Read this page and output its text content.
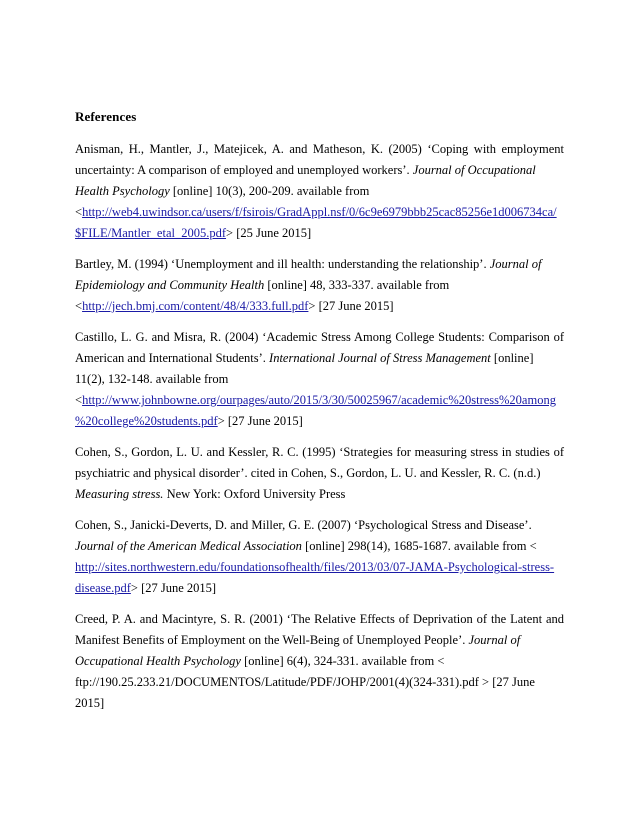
References
Anisman, H., Mantler, J., Matejicek, A. and Matheson, K. (2005) ‘Coping with employment
uncertainty: A comparison of employed and unemployed workers’. Journal of Occupational
Health Psychology [online] 10(3), 200-209. available from
<http://web4.uwindsor.ca/users/f/fsirois/GradAppl.nsf/0/6c9e6979bbb25cac85256e1d006734ca/
$FILE/Mantler_etal_2005.pdf> [25 June 2015]
Bartley, M. (1994) ‘Unemployment and ill health: understanding the relationship’. Journal of
Epidemiology and Community Health [online] 48, 333-337. available from
<http://jech.bmj.com/content/48/4/333.full.pdf> [27 June 2015]
Castillo, L. G. and Misra, R. (2004) ‘Academic Stress Among College Students: Comparison of
American and International Students’. International Journal of Stress Management [online]
11(2), 132-148. available from
<http://www.johnbowne.org/ourpages/auto/2015/3/30/50025967/academic%20stress%20among
%20college%20students.pdf> [27 June 2015]
Cohen, S., Gordon, L. U. and Kessler, R. C. (1995) ‘Strategies for measuring stress in studies of
psychiatric and physical disorder’. cited in Cohen, S., Gordon, L. U. and Kessler, R. C. (n.d.)
Measuring stress. New York: Oxford University Press
Cohen, S., Janicki-Deverts, D. and Miller, G. E. (2007) ‘Psychological Stress and Disease’.
Journal of the American Medical Association [online] 298(14), 1685-1687. available from <
http://sites.northwestern.edu/foundationsofhealth/files/2013/03/07-JAMA-Psychological-stress-
disease.pdf> [27 June 2015]
Creed, P. A. and Macintyre, S. R. (2001) ‘The Relative Effects of Deprivation of the Latent and
Manifest Benefits of Employment on the Well-Being of Unemployed People’. Journal of
Occupational Health Psychology [online] 6(4), 324-331. available from <
ftp://190.25.233.21/DOCUMENTOS/Latitude/PDF/JOHP/2001(4)(324-331).pdf > [27 June
2015]
